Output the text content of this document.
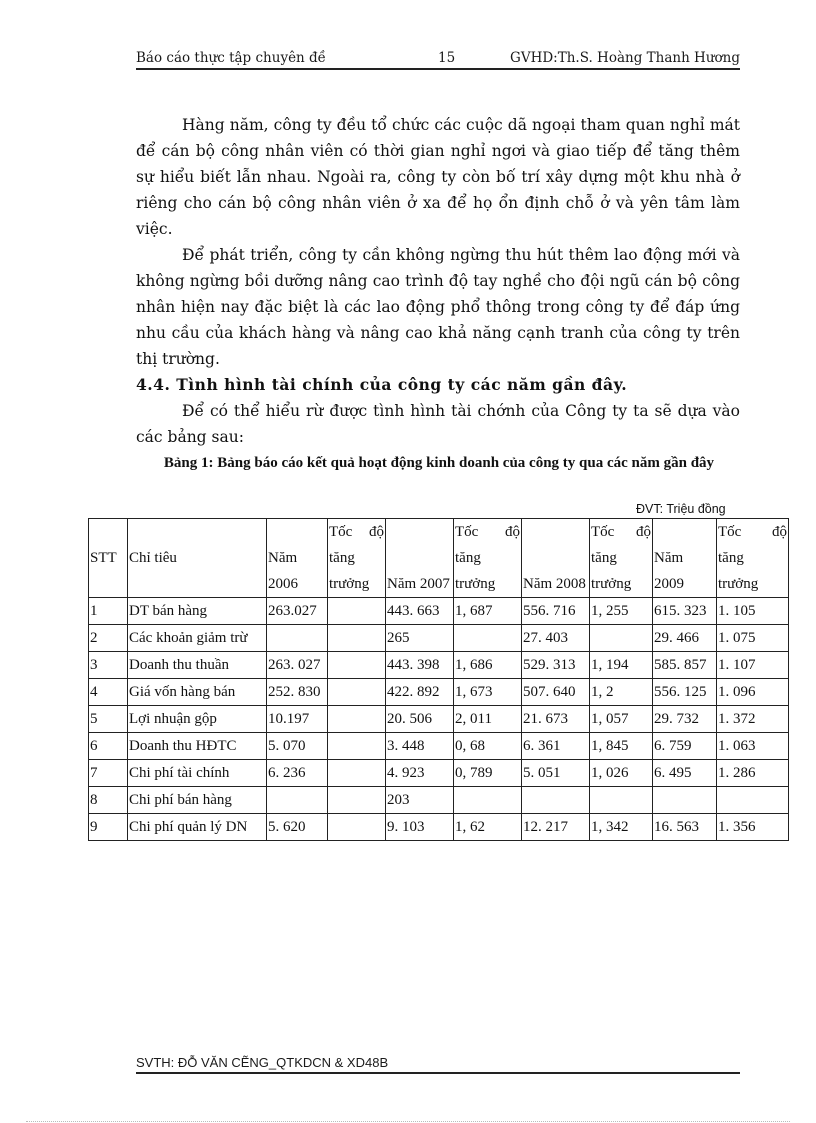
Báo cáo thực tập chuyên đề	15	GVHD:Th.S. Hoàng Thanh Hương

Hàng năm, công ty đều tổ chức các cuộc dã ngoại tham quan nghỉ mát để cán bộ công nhân viên có thời gian nghỉ ngơi và giao tiếp để tăng thêm sự hiểu biết lẫn nhau. Ngoài ra, công ty còn bố trí xây dựng một khu nhà ở riêng cho cán bộ công nhân viên ở xa để họ ổn định chỗ ở và yên tâm làm việc.

Để phát triển, công ty cần không ngừng thu hút thêm lao động mới và không ngừng bồi dưỡng nâng cao trình độ tay nghề cho đội ngũ cán bộ công nhân hiện nay đặc biệt là các lao động phổ thông trong công ty để đáp ứng nhu cầu của khách hàng và nâng cao khả năng cạnh tranh của công ty trên thị trường.

4.4. Tình hình tài chính của công ty các năm gần đây.

Để có thể hiểu rừ được tình hình tài chớnh của Công ty ta sẽ dựa vào các bảng sau:

Bảng 1: Bảng báo cáo kết quả hoạt động kinh doanh của công ty qua các năm gần đây
ĐVT: Triệu đồng
STT	Chỉ tiêu	Năm 2006	Tốc độ tăng trưởng	Năm 2007	Tốc độ tăng trưởng	Năm 2008	Tốc độ tăng trưởng	Năm 2009	Tốc độ tăng trưởng
1	DT bán hàng	263.027		443. 663	1, 687	556. 716	1, 255	615. 323	1. 105
2	Các khoản giảm trừ			265		27. 403		29. 466	1. 075
3	Doanh thu thuần	263. 027		443. 398	1, 686	529. 313	1, 194	585. 857	1. 107
4	Giá vốn hàng bán	252. 830		422. 892	1, 673	507. 640	1, 2	556. 125	1. 096
5	Lợi nhuận gộp	10.197		20. 506	2, 011	21. 673	1, 057	29. 732	1. 372
6	Doanh thu HĐTC	5. 070		3. 448	0, 68	6. 361	1, 845	6. 759	1. 063
7	Chi phí tài chính	6. 236		4. 923	0, 789	5. 051	1, 026	6. 495	1. 286
8	Chi phí bán hàng			203					
9	Chi phí quản lý DN	5. 620		9. 103	1, 62	12. 217	1, 342	16. 563	1. 356
SVTH: ĐỖ VĂN CẼNG_QTKDCN & XD48B
